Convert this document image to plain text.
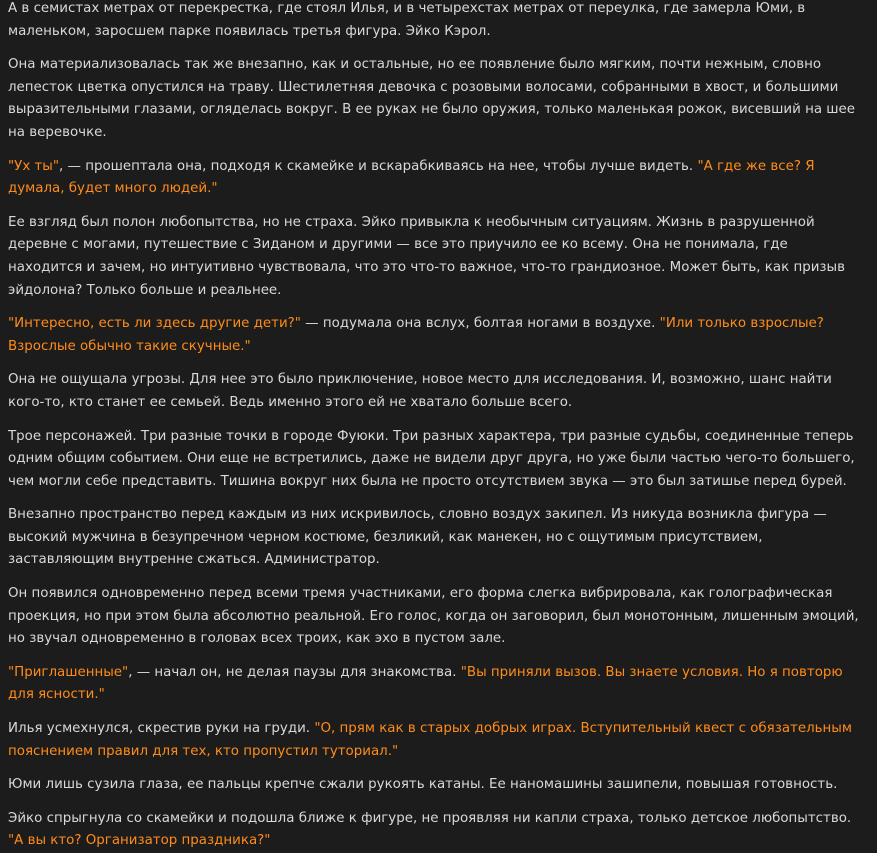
А в семистах метрах от перекрестка, где стоял Илья, и в четырехстах метрах от переулка, где замерла Юми, в маленьком, заросшем парке появилась третья фигура. Эйко Кэрол.

Она материализовалась так же внезапно, как и остальные, но ее появление было мягким, почти нежным, словно лепесток цветка опустился на траву. Шестилетняя девочка с розовыми волосами, собранными в хвост, и большими выразительными глазами, огляделась вокруг. В ее руках не было оружия, только маленькая рожок, висевший на шее на веревочке.

"Ух ты", — прошептала она, подходя к скамейке и вскарабкиваясь на нее, чтобы лучше видеть. "А где же все? Я думала, будет много людей."

Ее взгляд был полон любопытства, но не страха. Эйко привыкла к необычным ситуациям. Жизнь в разрушенной деревне с могами, путешествие с Зиданом и другими — все это приучило ее ко всему. Она не понимала, где находится и зачем, но интуитивно чувствовала, что это что-то важное, что-то грандиозное. Может быть, как призыв эйдолона? Только больше и реальнее.

"Интересно, есть ли здесь другие дети?" — подумала она вслух, болтая ногами в воздухе. "Или только взрослые? Взрослые обычно такие скучные."

Она не ощущала угрозы. Для нее это было приключение, новое место для исследования. И, возможно, шанс найти кого-то, кто станет ее семьей. Ведь именно этого ей не хватало больше всего.

Трое персонажей. Три разные точки в городе Фуюки. Три разных характера, три разные судьбы, соединенные теперь одним общим событием. Они еще не встретились, даже не видели друг друга, но уже были частью чего-то большего, чем могли себе представить. Тишина вокруг них была не просто отсутствием звука — это был затишье перед бурей.

Внезапно пространство перед каждым из них искривилось, словно воздух закипел. Из никуда возникла фигура — высокий мужчина в безупречном черном костюме, безликий, как манекен, но с ощутимым присутствием, заставляющим внутренне сжаться. Администратор.

Он появился одновременно перед всеми тремя участниками, его форма слегка вибрировала, как голографическая проекция, но при этом была абсолютно реальной. Его голос, когда он заговорил, был монотонным, лишенным эмоций, но звучал одновременно в головах всех троих, как эхо в пустом зале.

"Приглашенные", — начал он, не делая паузы для знакомства. "Вы приняли вызов. Вы знаете условия. Но я повторю для ясности."

Илья усмехнулся, скрестив руки на груди. "О, прям как в старых добрых играх. Вступительный квест с обязательным пояснением правил для тех, кто пропустил туториал."

Юми лишь сузила глаза, ее пальцы крепче сжали рукоять катаны. Ее наномашины зашипели, повышая готовность.

Эйко спрыгнула со скамейки и подошла ближе к фигуре, не проявляя ни капли страха, только детское любопытство. "А вы кто? Организатор праздника?"
